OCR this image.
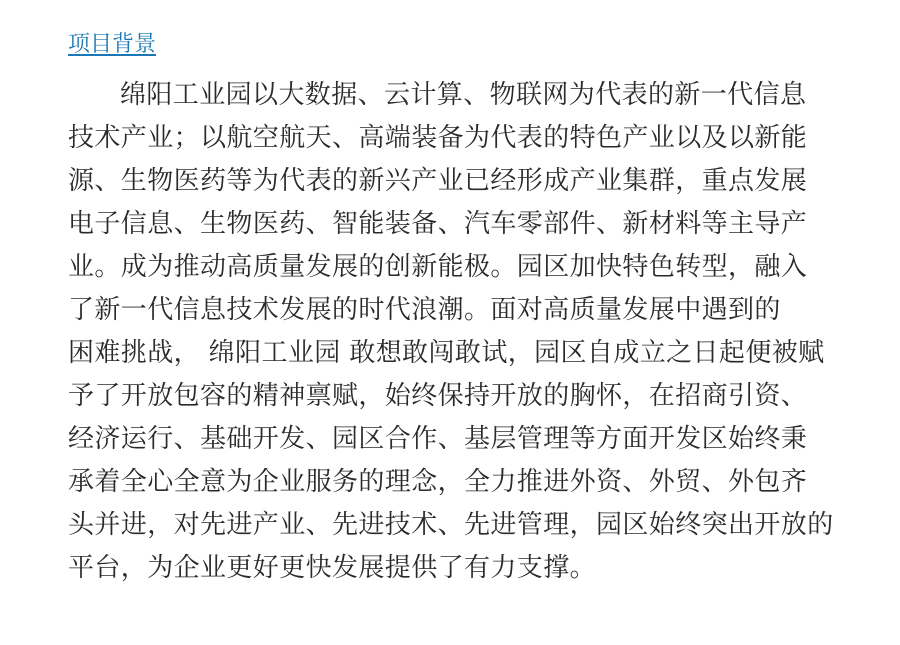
项目背景
绵阳工业园以大数据、云计算、物联网为代表的新一代信息
技术产业；以航空航天、高端装备为代表的特色产业以及以新能
源、生物医药等为代表的新兴产业已经形成产业集群，重点发展
电子信息、生物医药、智能装备、汽车零部件、新材料等主导产
业。成为推动高质量发展的创新能极。园区加快特色转型，融入
了新一代信息技术发展的时代浪潮。面对高质量发展中遇到的
困难挑战， 绵阳工业园 敢想敢闯敢试，园区自成立之日起便被赋
予了开放包容的精神禀赋，始终保持开放的胸怀，在招商引资、
经济运行、基础开发、园区合作、基层管理等方面开发区始终秉
承着全心全意为企业服务的理念，全力推进外资、外贸、外包齐
头并进，对先进产业、先进技术、先进管理，园区始终突出开放的
平台，为企业更好更快发展提供了有力支撑。
